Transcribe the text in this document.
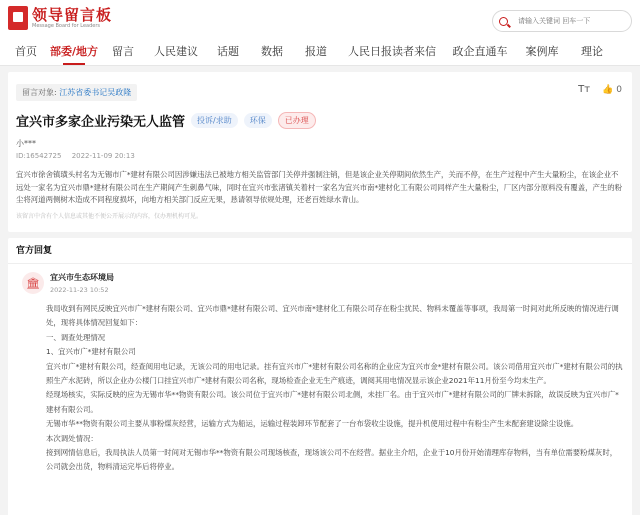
领导留言板
Message Board for Leaders
请输入关键词 回车一下
首页	部委/地方	留言	人民建议	话题	数据	报道	人民日报读者来信	政企直通车	案例库	理论
留言对象: 江苏省委书记吴政隆	Tт 👍 0
宜兴市多家企业污染无人监管	投诉/求助	环保	已办理
小***
ID:16542725 2022-11-09 20:13
宜兴市徐舍镇璜头村名为无锡市广*建材有限公司因涉嫌违法已被地方相关监管部门关停并强制注销，但是该企业关停期间依然生产，关而不停，在生产过程中产生大量粉尘，在该企业不远处一家名为宜兴市鼎*建材有限公司在生产期间产生刺鼻气味，同时在宜兴市张渚镇关着村一家名为宜兴市南*建材化工有限公司同样产生大量粉尘，厂区内部分原料没有覆盖，产生的粉尘将河道两侧树木造成不同程度损坏，向地方相关部门反应无果，恳请领导依规处理，还老百姓绿水青山。
该留言中含有个人信息或其他不便公开展示的内容，仅办理机构可见。
官方回复
🏛	宜兴市生态环境局
2022-11-23 10:52
我局收到有网民反映宜兴市广*建材有限公司、宜兴市鼎*建材有限公司、宜兴市南*建材化工有限公司存在粉尘扰民、物料未覆盖等事项，我局第一时间对此所反映的情况进行调处，现将具体情况回复如下：
一、调查处理情况
1、宜兴市广*建材有限公司
宜兴市广*建材有限公司，经查阅用电记录，无该公司的用电记录。挂有宜兴市广*建材有限公司名称的企业应为宜兴市金*建材有限公司。该公司借用宜兴市广*建材有限公司的执照生产水泥砖，所以企业办公楼门口挂宜兴市广*建材有限公司名称，现场检查企业无生产痕迹，调阅其用电情况显示该企业2021年11月份至今均未生产。
经现场核实，实际反映的应为无锡市华**物资有限公司。该公司位于宜兴市广*建材有限公司北侧，未挂厂名。由于宜兴市广*建材有限公司的厂牌未拆除，故误反映为宜兴市广*建材有限公司。
无锡市华**物资有限公司主要从事粉煤灰经营，运输方式为船运，运输过程装卸环节配套了一台布袋收尘设施，提升机使用过程中有粉尘产生未配套建设除尘设施。
本次调处情况：
接到网情信息后，我局执法人员第一时间对无锡市华**物资有限公司现场核查，现场该公司不在经营。据业主介绍，企业于10月份开始清理库存物料，当有单位需要粉煤灰时，公司就会出货，物料清运完毕后将停业。
